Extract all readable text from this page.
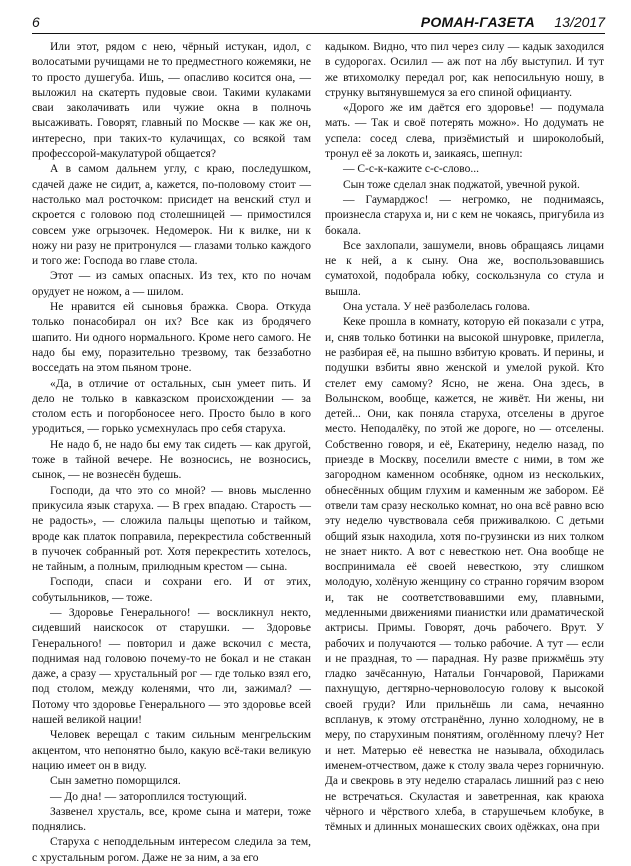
6	РОМАН-ГАЗЕТА 13/2017

Или этот, рядом с нею, чёрный истукан, идол, с волосатыми ручищами не то предместного кожемяки, не то просто душегуба. Ишь, — опасливо косится она, — выложил на скатерть пудовые свои. Такими кулаками сваи заколачивать или чужие окна в полночь высаживать. Говорят, главный по Москве — как же он, интересно, при таких-то кулачищах, со всякой там профессорой-макулатурой общается?

А в самом дальнем углу, с краю, последушком, сдачей даже не сидит, а, кажется, по-половому стоит — настолько мал росточком: присидет на венский стул и скроется с головою под столешницей — примостился совсем уже огрызочек. Недомерок. Ни к вилке, ни к ножу ни разу не притронулся — глазами только каждого и того же: Господа во главе стола.

Этот — из самых опасных. Из тех, кто по ночам орудует не ножом, а — шилом.

Не нравится ей сыновья бражка. Свора. Откуда только понасобирал он их? Все как из бродячего шапито. Ни одного нормального. Кроме него самого. Не надо бы ему, поразительно трезвому, так беззаботно восседать на этом пьяном троне.

«Да, в отличие от остальных, сын умеет пить. И дело не только в кавказском происхождении — за столом есть и погорбоносее него. Просто было в кого уродиться, — горько усмехнулась про себя старуха.

Не надо б, не надо бы ему так сидеть — как другой, тоже в тайной вечере. Не возносись, не возносись, сынок, — не вознесён будешь.

Господи, да что это со мной? — вновь мысленно прикусила язык старуха. — В грех впадаю. Старость — не радость», — сложила пальцы щепотью и тайком, вроде как платок поправила, перекрестила собственный в пучочек собранный рот. Хотя перекрестить хотелось, не тайным, а полным, прилюдным крестом — сына.

Господи, спаси и сохрани его. И от этих, собутыльников, — тоже.

— Здоровье Генерального! — воскликнул некто, сидевший наискосок от старушки. — Здоровье Генерального! — повторил и даже вскочил с места, поднимая над головою почему-то не бокал и не стакан даже, а сразу — хрустальный рог — где только взял его, под столом, между коленями, что ли, зажимал? — Потому что здоровье Генерального — это здоровье всей нашей великой нации!

Человек верещал с таким сильным менгрельским акцентом, что непонятно было, какую всё-таки великую нацию имеет он в виду.

Сын заметно поморщился.

— До дна! — затороплился тостующий.

Зазвенел хрусталь, все, кроме сына и матери, тоже поднялись.

Старуха с неподдельным интересом следила за тем, с хрустальным рогом. Даже не за ним, а за его

кадыком. Видно, что пил через силу — кадык заходился в судорогах. Осилил — аж пот на лбу выступил. И тут же втихомолку передал рог, как непосильную ношу, в струнку вытянувшемуся за его спиной официанту.

«Дорого же им даётся его здоровье! — подумала мать. — Так и своё потерять можно». Но додумать не успела: сосед слева, призёмистый и широколобый, тронул её за локоть и, заикаясь, шепнул:

— С-с-к-кажите с-с-слово...

Сын тоже сделал знак поджатой, увечной рукой.

— Гаумарджос! — негромко, не поднимаясь, произнесла старуха и, ни с кем не чокаясь, пригубила из бокала.

Все захлопали, зашумели, вновь обращаясь лицами не к ней, а к сыну. Она же, воспользовавшись суматохой, подобрала юбку, соскользнула со стула и вышла.

Она устала. У неё разболелась голова.

Кеке прошла в комнату, которую ей показали с утра, и, сняв только ботинки на высокой шнуровке, прилегла, не разбирая её, на пышно взбитую кровать. И перины, и подушки взбиты явно женской и умелой рукой. Кто стелет ему самому? Ясно, не жена. Она здесь, в Волынском, вообще, кажется, не живёт. Ни жены, ни детей... Они, как поняла старуха, отселены в другое место. Неподалёку, по этой же дороге, но — отселены. Собственно говоря, и её, Екатерину, неделю назад, по приезде в Москву, поселили вместе с ними, в том же загородном каменном особняке, одном из нескольких, обнесённых общим глухим и каменным же забором. Её отвели там сразу несколько комнат, но она всё равно всю эту неделю чувствовала себя приживалкою. С детьми общий язык находила, хотя по-грузински из них толком не знает никто. А вот с невесткою нет. Она вообще не воспринимала её своей невесткою, эту слишком молодую, холёную женщину со странно горячим взором и, так не соответствовавшими ему, плавными, медленными движениями пианистки или драматической актрисы. Примы. Говорят, дочь рабочего. Врут. У рабочих и получаются — только рабочие. А тут — если и не праздная, то — парадная. Ну разве прижмёшь эту гладко зачёсанную, Натальи Гончаровой, Парижами пахнущую, дегтярно-черноволосую голову к высокой своей груди? Или прильнёшь ли сама, нечаянно вспланув, к этому отстранённо, лунно холодному, не в меру, по старухиным понятиям, оголённому плечу? Нет и нет. Матерью её невестка не называла, обходилась именем-отчеством, даже к столу звала через горничную. Да и свекровь в эту неделю старалась лишний раз с нею не встречаться. Скуластая и заветренная, как краюха чёрного и чёрствого хлеба, в старушечьем клобуке, в тёмных и длинных монашеских своих одёжках, она при
